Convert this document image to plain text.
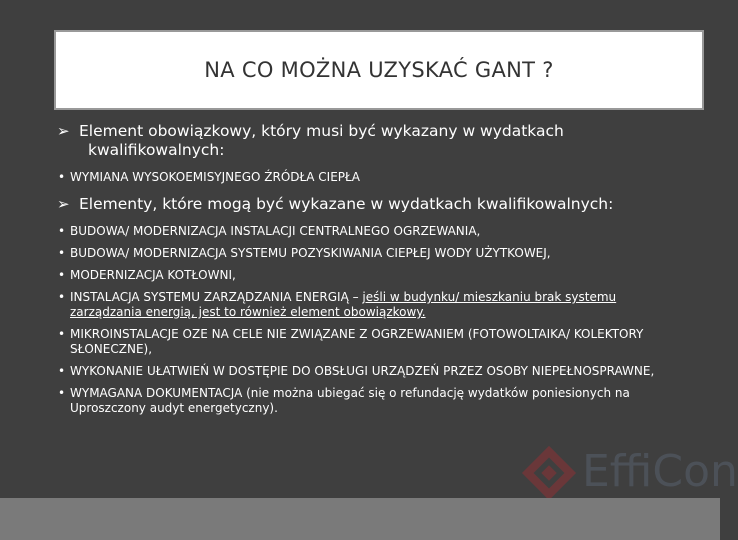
NA CO MOŻNA UZYSKAĆ GANT ?
➢ Element obowiązkowy, który musi być wykazany w wydatkach
kwalifikowalnych:
• WYMIANA WYSOKOEMISYJNEGO ŹRÓDŁA CIEPŁA
➢ Elementy, które mogą być wykazane w wydatkach kwalifikowalnych:
• BUDOWA/ MODERNIZACJA INSTALACJI CENTRALNEGO OGRZEWANIA,
• BUDOWA/ MODERNIZACJA SYSTEMU POZYSKIWANIA CIEPŁEJ WODY UŻYTKOWEJ,
• MODERNIZACJA KOTŁOWNI,
• INSTALACJA SYSTEMU ZARZĄDZANIA ENERGIĄ – jeśli w budynku/ mieszkaniu brak systemu zarządzania energią, jest to również element obowiązkowy.
• MIKROINSTALACJE OZE NA CELE NIE ZWIĄZANE Z OGRZEWANIEM (FOTOWOLTAIKA/ KOLEKTORY SŁONECZNE),
• WYKONANIE UŁATWIEŃ W DOSTĘPIE DO OBSŁUGI URZĄDZEŃ PRZEZ OSOBY NIEPEŁNOSPRAWNE,
• WYMAGANA DOKUMENTACJA (nie można ubiegać się o refundację wydatków poniesionych na Uproszczony audyt energetyczny).
EffiCon
